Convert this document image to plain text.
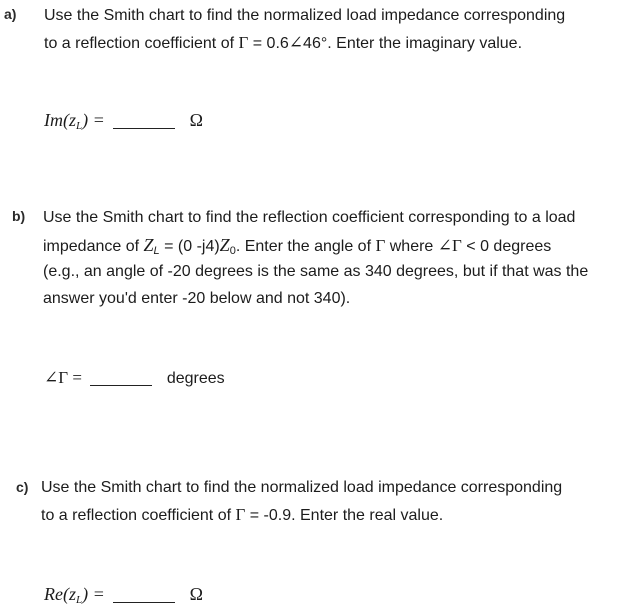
a) Use the Smith chart to find the normalized load impedance corresponding
to a reflection coefficient of Γ = 0.6∠46°. Enter the imaginary value.
$Im(z_L)$ =	Ω
b) Use the Smith chart to find the reflection coefficient corresponding to a load
impedance of $Z_L = (0$ $-j4)Z_0$. Enter the angle of Γ where ∠Γ < 0 degrees
(e.g., an angle of -20 degrees is the same as 340 degrees, but if that was the
answer you'd enter -20 below and not 340).
∠Γ =	degrees
c) Use the Smith chart to find the normalized load impedance corresponding
to a reflection coefficient of Γ = -0.9. Enter the real value.
$Re(z_L)$ =	Ω
